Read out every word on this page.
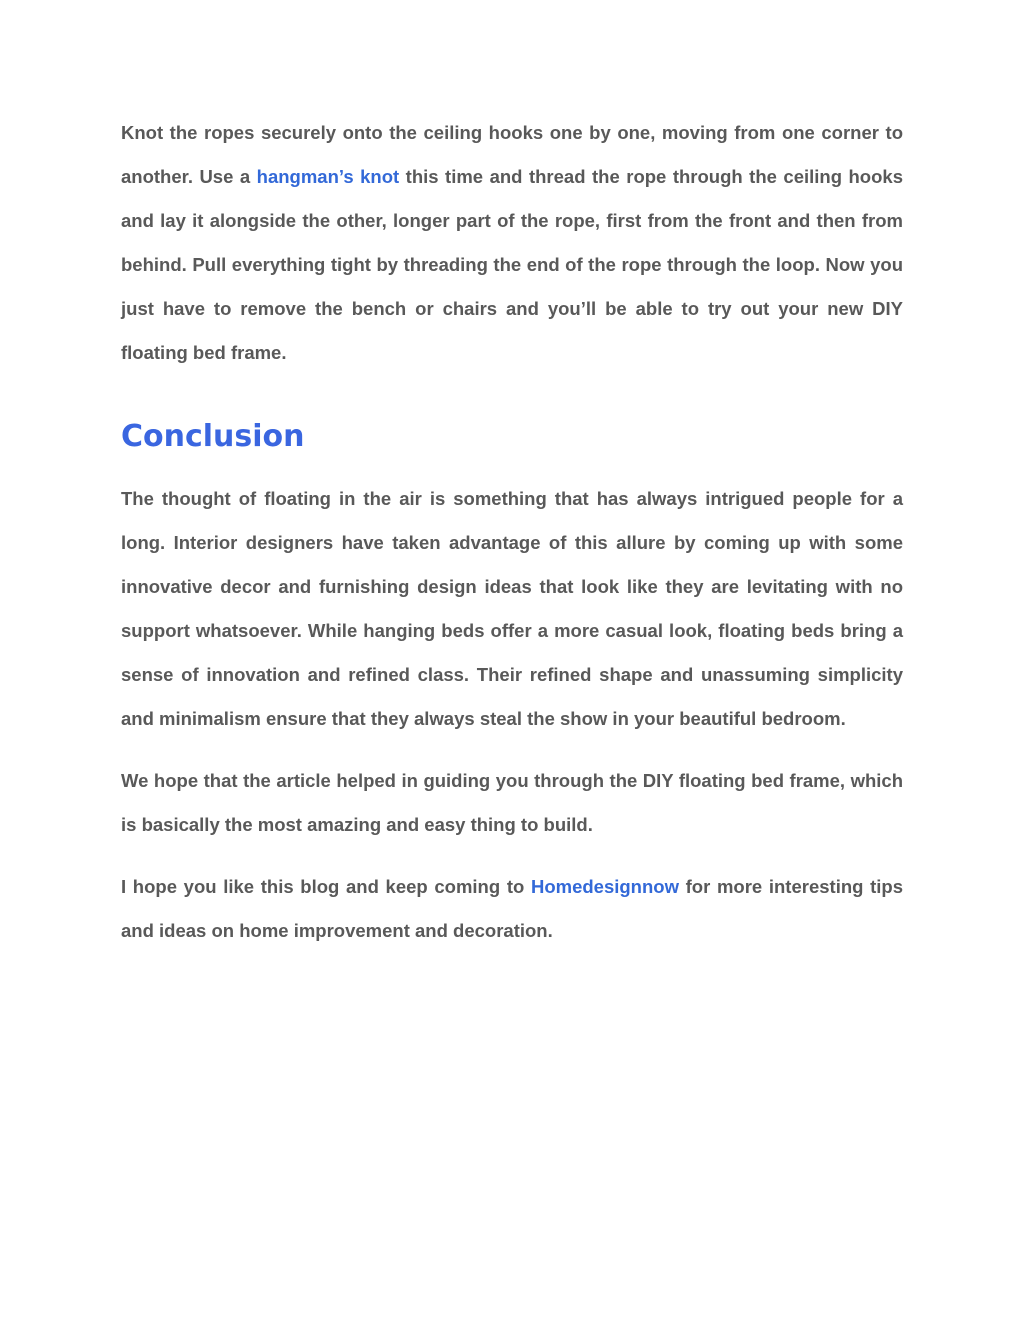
Knot the ropes securely onto the ceiling hooks one by one, moving from one corner to another. Use a hangman’s knot this time and thread the rope through the ceiling hooks and lay it alongside the other, longer part of the rope, first from the front and then from behind. Pull everything tight by threading the end of the rope through the loop. Now you just have to remove the bench or chairs and you’ll be able to try out your new DIY floating bed frame.

Conclusion

The thought of floating in the air is something that has always intrigued people for a long. Interior designers have taken advantage of this allure by coming up with some innovative decor and furnishing design ideas that look like they are levitating with no support whatsoever. While hanging beds offer a more casual look, floating beds bring a sense of innovation and refined class. Their refined shape and unassuming simplicity and minimalism ensure that they always steal the show in your beautiful bedroom.

We hope that the article helped in guiding you through the DIY floating bed frame, which is basically the most amazing and easy thing to build.

I hope you like this blog and keep coming to Homedesignnow for more interesting tips and ideas on home improvement and decoration.
